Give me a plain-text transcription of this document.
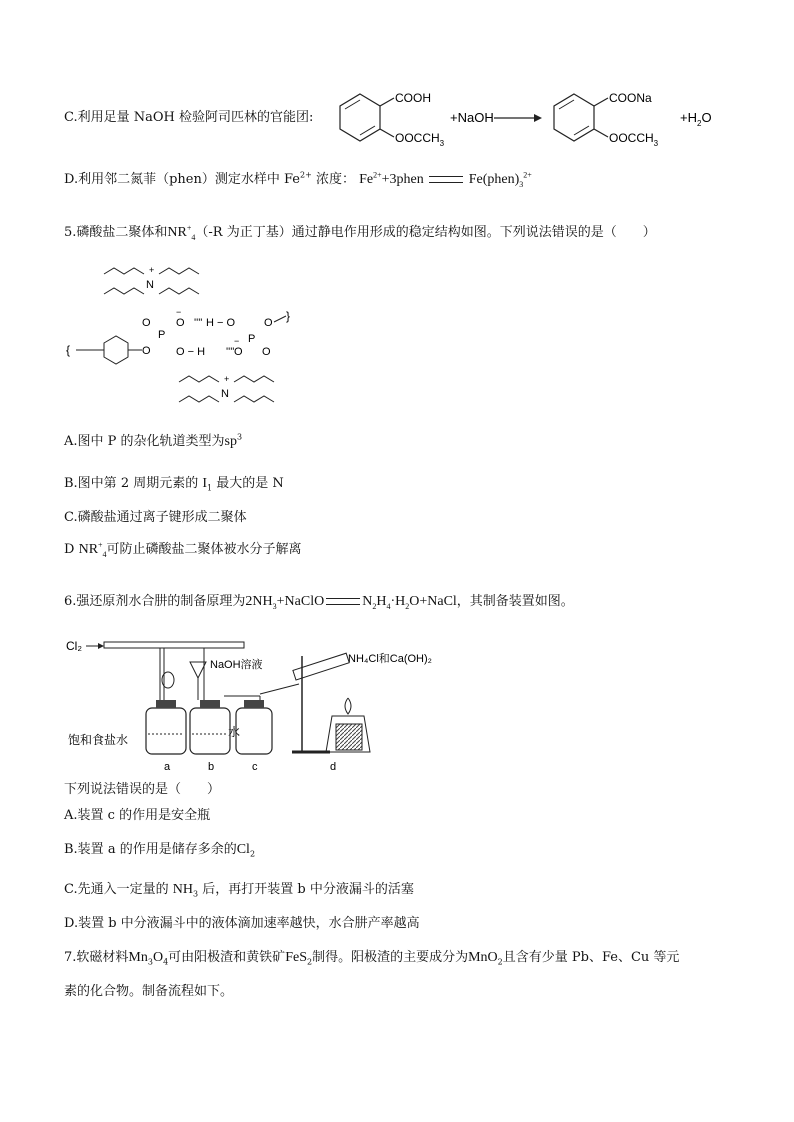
C.利用足量 NaOH 检验阿司匹林的官能团:
COOH
$OOCCH_3$
+NaOH
COONa
$OOCCH_3$
$+H_2O$
D.利用邻二氮菲（phen）测定水样中 $Fe^{2+}$ 浓度： $Fe^{2+}+3phen$	$Fe(phen)_3^{2+}$
5.磷酸盐二聚体和$NR^+_4(-R$ 为正丁基）通过静电作用形成的稳定结构如图。下列说法错误的是（　　）
N
+
{	O
P
O O
−
O − H
'''' H − O
'''' O
− P
O
O }
N
+
A.图中 P 的杂化轨道类型为$sp^3$
B.图中第 2 周期元素的 $I_1$ 最大的是 N
C.磷酸盐通过离子键形成二聚体
D $NR^+_4$可防止磷酸盐二聚体被水分子解离
6.强还原剂水合肼的制备原理为$2NH_3+NaClO$	$N_2H_4\cdot H_2O+NaCl$，其制备装置如图。
Cl₂
NaOH溶液	NH₄Cl和Ca(OH)₂
饱和食盐水
水
a	b	c	d
下列说法错误的是（　　）
A.装置 c 的作用是安全瓶
B.装置 a 的作用是储存多余的$Cl_2$
C.先通入一定量的 $NH_3$ 后，再打开装置 b 中分液漏斗的活塞
D.装置 b 中分液漏斗中的液体滴加速率越快，水合肼产率越高
7.软磁材料$Mn_3O_4$可由阳极渣和黄铁矿FeS$_2$制得。阳极渣的主要成分为MnO$_2$且含有少量 Pb、Fe、Cu 等元
素的化合物。制备流程如下。
